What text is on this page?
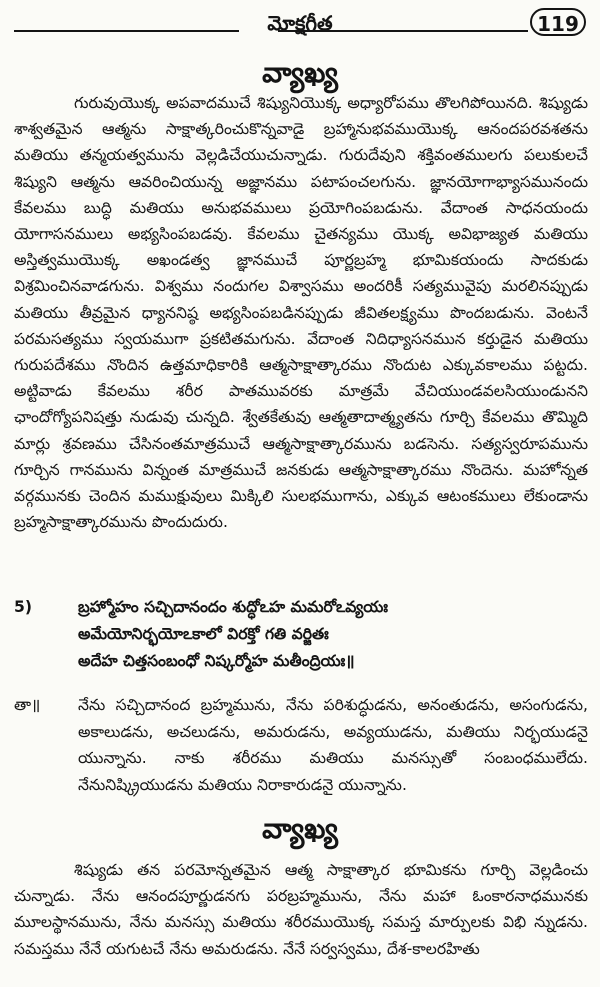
మోక్షగీత	119
వ్యాఖ్య

గురువుయొక్క అపవాదముచే శిష్యునియొక్క అధ్యారోపము తొలగిపోయినది. శిష్యుడు శాశ్వతమైన ఆత్మను సాక్షాత్కరించుకొన్నవాడై బ్రహ్మానుభవముయొక్క ఆనందపరవశతను మతియు తన్మయత్వమును వెల్లడిచేయుచున్నాడు. గురుదేవుని శక్తివంతములగు పలుకులచే శిష్యుని ఆత్మను ఆవరించియున్న అజ్ఞానము పటాపంచలగును. జ్ఞానయోగాభ్యాసమునందు కేవలము బుద్ధి మతియు అనుభవములు ప్రయోగింపబడును. వేదాంత సాధనయందు యోగాసనములు అభ్యసింపబడవు. కేవలము చైతన్యము యొక్క అవిభాజ్యత మతియు అస్తిత్వముయొక్క అఖండత్వ జ్ఞానముచే పూర్ణబ్రహ్మ భూమికయందు సాదకుడు విశ్రమించినవాడగును. విశ్వము నందుగల విశ్వాసము అందరికీ సత్యమువైపు మరలినప్పుడు మతియు తీవ్రమైన ధ్యాననిష్ఠ అభ్యసింపబడినప్పుడు జీవితలక్ష్యము పొందబడును. వెంటనే పరమసత్యము స్వయముగా ప్రకటితమగును. వేదాంత నిదిధ్యాసనమున కర్తుడైన మతియు గురుపదేశము నొందిన ఉత్తమాధికారికి ఆత్మసాక్షాత్కారము నొందుట ఎక్కువకాలము పట్టదు. అట్టివాడు కేవలము శరీర పాతమువరకు మాత్రమే వేచియుండవలసియుండునని ఛాందోగ్యోపనిషత్తు నుడువు చున్నది. శ్వేతకేతువు ఆత్మతాదాత్మ్యతను గూర్చి కేవలము తొమ్మిది మార్లు శ్రవణము చేసినంతమాత్రముచే ఆత్మసాక్షాత్కారమును బడసెను. సత్యస్వరూపమును గూర్చిన గానమును విన్నంత మాత్రముచే జనకుడు ఆత్మసాక్షాత్కారము నొందెను. మహోన్నత వర్గమునకు చెందిన మముక్షువులు మిక్కిలి సులభముగాను, ఎక్కువ ఆటంకములు లేకుండాను బ్రహ్మసాక్షాత్కారమును పొందుదురు.

5)	బ్రహ్మోహం సచ్చిదానందం శుద్ధోఽహ మమరోఽవ్యయః
అమేయోనిర్భయోఽకాలో విరక్తో గతి వర్జితః
అదేహ చిత్తసంబంధో నిష్కర్మోహ మతీంద్రియః॥
తా॥	నేను సచ్చిదానంద బ్రహ్మమును, నేను పరిశుద్ధుడను, అనంతుడను, అసంగుడను, అకాలుడను, అచలుడను, అమరుడను, అవ్యయుడను, మతియు నిర్భయుడనై యున్నాను. నాకు శరీరము మతియు మనస్సుతో సంబంధములేదు. నేనునిష్క్రియుడను మతియు నిరాకారుడనై యున్నాను.

వ్యాఖ్య

శిష్యుడు తన పరమోన్నతమైన ఆత్మ సాక్షాత్కార భూమికను గూర్చి వెల్లడించు చున్నాడు. నేను ఆనందపూర్ణుడనగు పరబ్రహ్మమును, నేను మహా ఓంకారనాధమునకు మూలస్థానమును, నేను మనస్సు మతియు శరీరముయొక్క సమస్త మార్పులకు విభి న్నుడను. సమస్తము నేనే యగుటచే నేను అమరుడను. నేనే సర్వస్వము, దేశ-కాలరహితు
